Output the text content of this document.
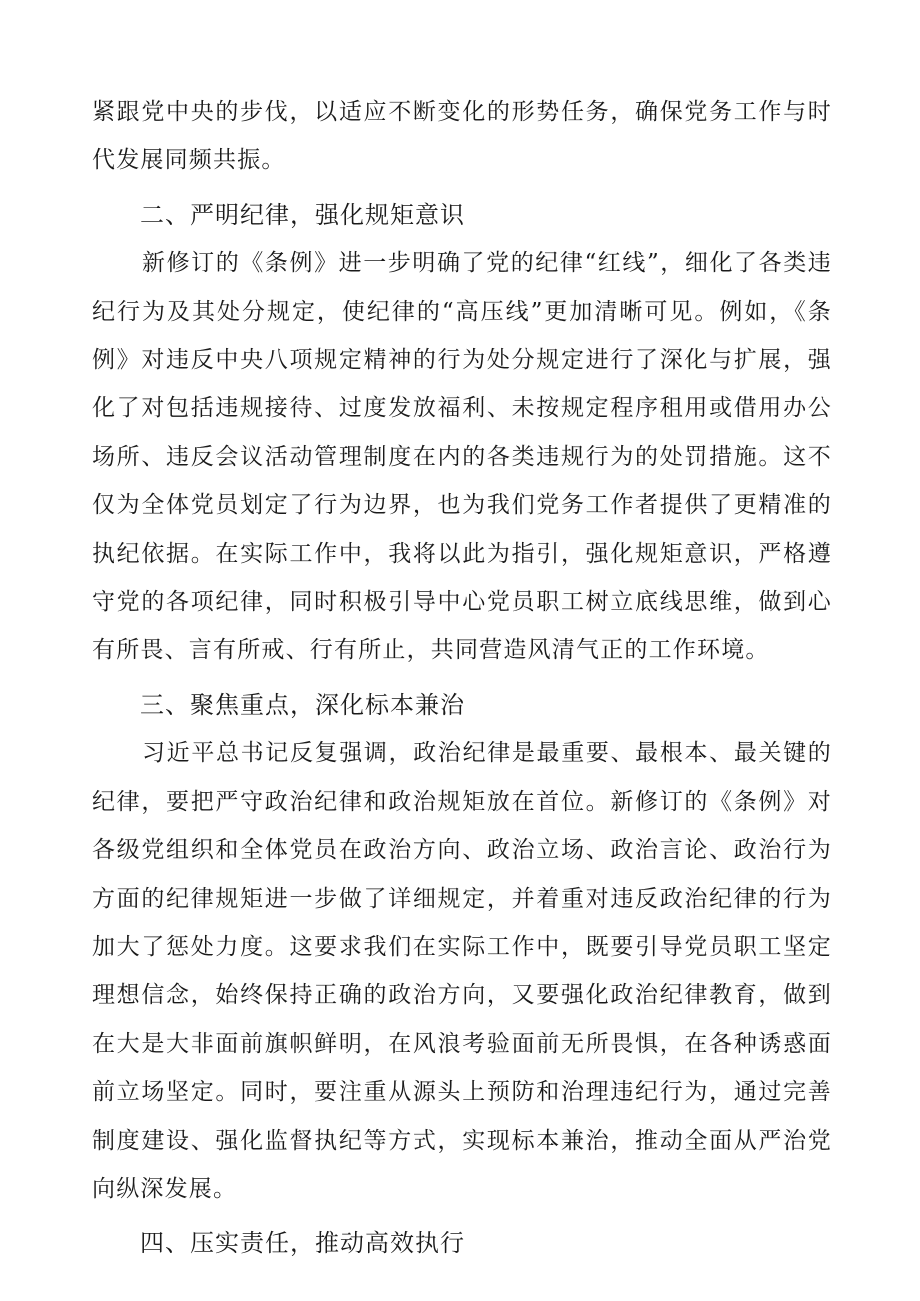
紧跟党中央的步伐，以适应不断变化的形势任务，确保党务工作与时代发展同频共振。

二、严明纪律，强化规矩意识

新修订的《条例》进一步明确了党的纪律“红线”，细化了各类违纪行为及其处分规定，使纪律的“高压线”更加清晰可见。例如，《条例》对违反中央八项规定精神的行为处分规定进行了深化与扩展，强化了对包括违规接待、过度发放福利、未按规定程序租用或借用办公场所、违反会议活动管理制度在内的各类违规行为的处罚措施。这不仅为全体党员划定了行为边界，也为我们党务工作者提供了更精准的执纪依据。在实际工作中，我将以此为指引，强化规矩意识，严格遵守党的各项纪律，同时积极引导中心党员职工树立底线思维，做到心有所畏、言有所戒、行有所止，共同营造风清气正的工作环境。

三、聚焦重点，深化标本兼治

习近平总书记反复强调，政治纪律是最重要、最根本、最关键的纪律，要把严守政治纪律和政治规矩放在首位。新修订的《条例》对各级党组织和全体党员在政治方向、政治立场、政治言论、政治行为方面的纪律规矩进一步做了详细规定，并着重对违反政治纪律的行为加大了惩处力度。这要求我们在实际工作中，既要引导党员职工坚定理想信念，始终保持正确的政治方向，又要强化政治纪律教育，做到在大是大非面前旗帜鲜明，在风浪考验面前无所畏惧，在各种诱惑面前立场坚定。同时，要注重从源头上预防和治理违纪行为，通过完善制度建设、强化监督执纪等方式，实现标本兼治，推动全面从严治党向纵深发展。

四、压实责任，推动高效执行
